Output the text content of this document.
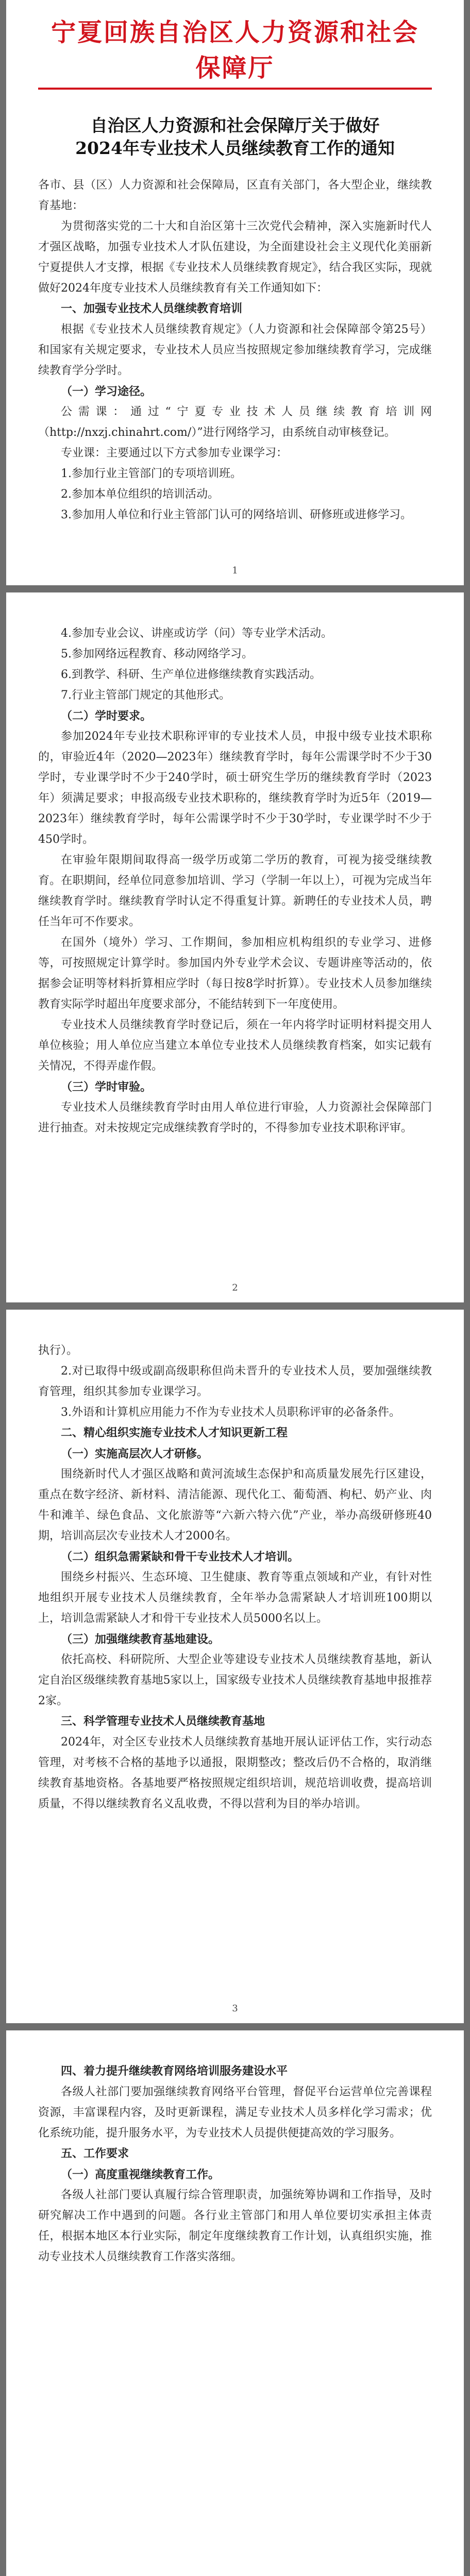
宁夏回族自治区人力资源和社会保障厅
自治区人力资源和社会保障厅关于做好
2024年专业技术人员继续教育工作的通知

各市、县（区）人力资源和社会保障局，区直有关部门，各大型企业，继续教育基地：

为贯彻落实党的二十大和自治区第十三次党代会精神，深入实施新时代人才强区战略，加强专业技术人才队伍建设，为全面建设社会主义现代化美丽新宁夏提供人才支撑，根据《专业技术人员继续教育规定》，结合我区实际，现就做好2024年度专业技术人员继续教育有关工作通知如下：

一、加强专业技术人员继续教育培训

根据《专业技术人员继续教育规定》（人力资源和社会保障部令第25号）和国家有关规定要求，专业技术人员应当按照规定参加继续教育学习，完成继续教育学分学时。

（一）学习途径。

公需课：通过“宁夏专业技术人员继续教育培训网（http://nxzj.chinahrt.com/）”进行网络学习，由系统自动审核登记。

专业课：主要通过以下方式参加专业课学习：

1.参加行业主管部门的专项培训班。

2.参加本单位组织的培训活动。

3.参加用人单位和行业主管部门认可的网络培训、研修班或进修学习。

1

4.参加专业会议、讲座或访学（问）等专业学术活动。

5.参加网络远程教育、移动网络学习。

6.到教学、科研、生产单位进修继续教育实践活动。

7.行业主管部门规定的其他形式。

（二）学时要求。

参加2024年专业技术职称评审的专业技术人员，申报中级专业技术职称的，审验近4年（2020—2023年）继续教育学时，每年公需课学时不少于30学时，专业课学时不少于240学时，硕士研究生学历的继续教育学时（2023年）须满足要求；申报高级专业技术职称的，继续教育学时为近5年（2019—2023年）继续教育学时，每年公需课学时不少于30学时，专业课学时不少于450学时。

在审验年限期间取得高一级学历或第二学历的教育，可视为接受继续教育。在职期间，经单位同意参加培训、学习（学制一年以上），可视为完成当年继续教育学时。继续教育学时认定不得重复计算。新聘任的专业技术人员，聘任当年可不作要求。

在国外（境外）学习、工作期间，参加相应机构组织的专业学习、进修等，可按照规定计算学时。参加国内外专业学术会议、专题讲座等活动的，依据参会证明等材料折算相应学时（每日按8学时折算）。专业技术人员参加继续教育实际学时超出年度要求部分，不能结转到下一年度使用。

专业技术人员继续教育学时登记后，须在一年内将学时证明材料提交用人单位核验；用人单位应当建立本单位专业技术人员继续教育档案，如实记载有关情况，不得弄虚作假。

（三）学时审验。

专业技术人员继续教育学时由用人单位进行审验，人力资源社会保障部门进行抽查。对未按规定完成继续教育学时的，不得参加专业技术职称评审。

2

执行）。

2.对已取得中级或副高级职称但尚未晋升的专业技术人员，要加强继续教育管理，组织其参加专业课学习。

3.外语和计算机应用能力不作为专业技术人员职称评审的必备条件。

二、精心组织实施专业技术人才知识更新工程

（一）实施高层次人才研修。

围绕新时代人才强区战略和黄河流域生态保护和高质量发展先行区建设，重点在数字经济、新材料、清洁能源、现代化工、葡萄酒、枸杞、奶产业、肉牛和滩羊、绿色食品、文化旅游等“六新六特六优”产业，举办高级研修班40期，培训高层次专业技术人才2000名。

（二）组织急需紧缺和骨干专业技术人才培训。

围绕乡村振兴、生态环境、卫生健康、教育等重点领域和产业，有针对性地组织开展专业技术人员继续教育，全年举办急需紧缺人才培训班100期以上，培训急需紧缺人才和骨干专业技术人员5000名以上。

（三）加强继续教育基地建设。

依托高校、科研院所、大型企业等建设专业技术人员继续教育基地，新认定自治区级继续教育基地5家以上，国家级专业技术人员继续教育基地申报推荐2家。

三、科学管理专业技术人员继续教育基地

2024年，对全区专业技术人员继续教育基地开展认证评估工作，实行动态管理，对考核不合格的基地予以通报，限期整改；整改后仍不合格的，取消继续教育基地资格。各基地要严格按照规定组织培训，规范培训收费，提高培训质量，不得以继续教育名义乱收费，不得以营利为目的举办培训。

3

四、着力提升继续教育网络培训服务建设水平

各级人社部门要加强继续教育网络平台管理，督促平台运营单位完善课程资源，丰富课程内容，及时更新课程，满足专业技术人员多样化学习需求；优化系统功能，提升服务水平，为专业技术人员提供便捷高效的学习服务。

五、工作要求

（一）高度重视继续教育工作。

各级人社部门要认真履行综合管理职责，加强统筹协调和工作指导，及时研究解决工作中遇到的问题。各行业主管部门和用人单位要切实承担主体责任，根据本地区本行业实际，制定年度继续教育工作计划，认真组织实施，推动专业技术人员继续教育工作落实落细。
